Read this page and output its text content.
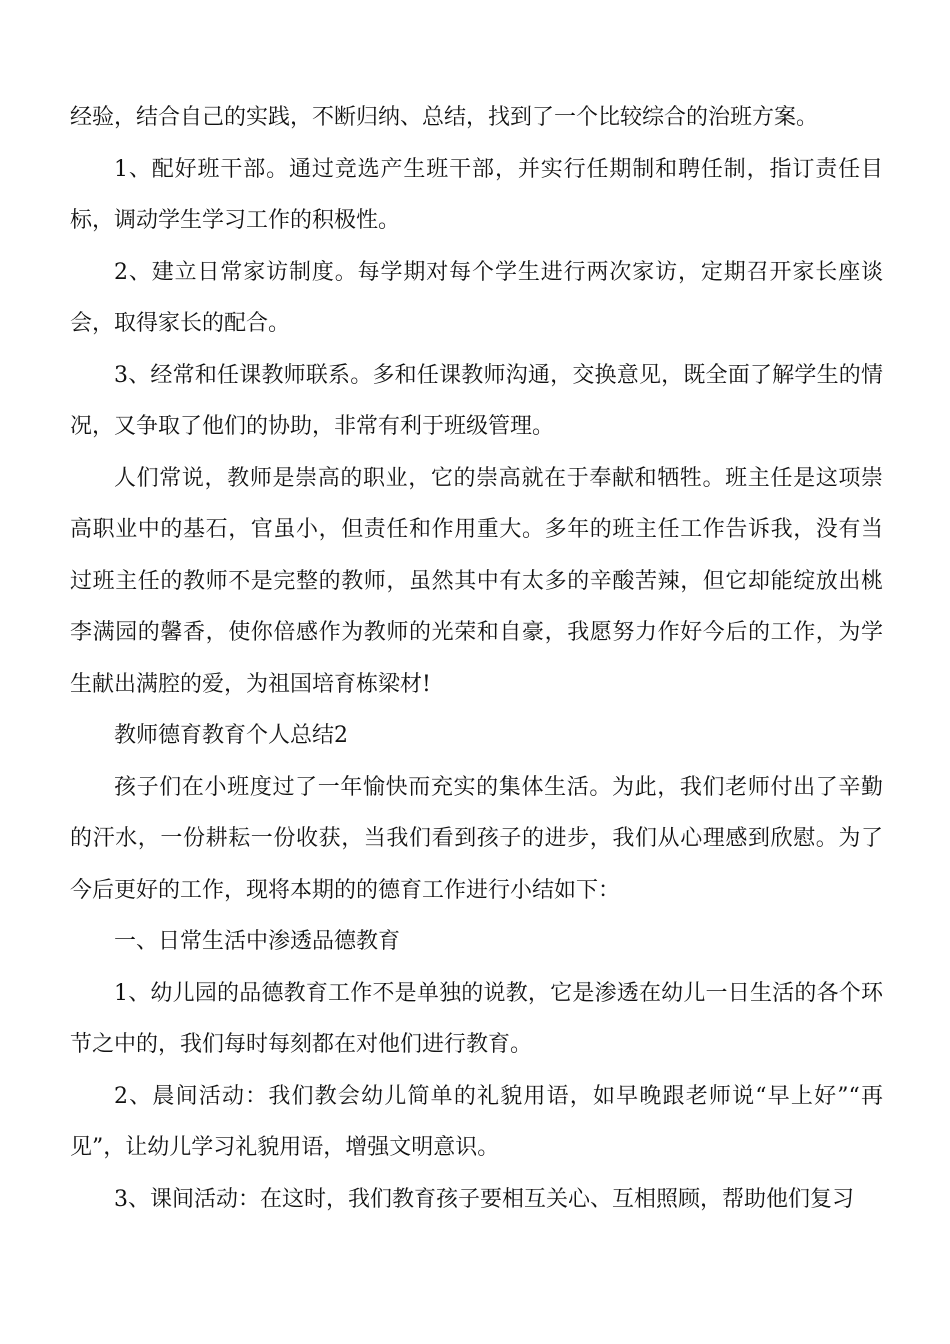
经验，结合自己的实践，不断归纳、总结，找到了一个比较综合的治班方案。

1、配好班干部。通过竞选产生班干部，并实行任期制和聘任制，指订责任目标，调动学生学习工作的积极性。

2、建立日常家访制度。每学期对每个学生进行两次家访，定期召开家长座谈会，取得家长的配合。

3、经常和任课教师联系。多和任课教师沟通，交换意见，既全面了解学生的情况，又争取了他们的协助，非常有利于班级管理。

人们常说，教师是崇高的职业，它的崇高就在于奉献和牺牲。班主任是这项崇高职业中的基石，官虽小，但责任和作用重大。多年的班主任工作告诉我，没有当过班主任的教师不是完整的教师，虽然其中有太多的辛酸苦辣，但它却能绽放出桃李满园的馨香，使你倍感作为教师的光荣和自豪，我愿努力作好今后的工作，为学生献出满腔的爱，为祖国培育栋梁材!

教师德育教育个人总结2

孩子们在小班度过了一年愉快而充实的集体生活。为此，我们老师付出了辛勤的汗水，一份耕耘一份收获，当我们看到孩子的进步，我们从心理感到欣慰。为了今后更好的工作，现将本期的的德育工作进行小结如下：

一、日常生活中渗透品德教育

1、幼儿园的品德教育工作不是单独的说教，它是渗透在幼儿一日生活的各个环节之中的，我们每时每刻都在对他们进行教育。

2、晨间活动：我们教会幼儿简单的礼貌用语，如早晚跟老师说“早上好”“再见”，让幼儿学习礼貌用语，增强文明意识。

3、课间活动：在这时，我们教育孩子要相互关心、互相照顾，帮助他们复习
